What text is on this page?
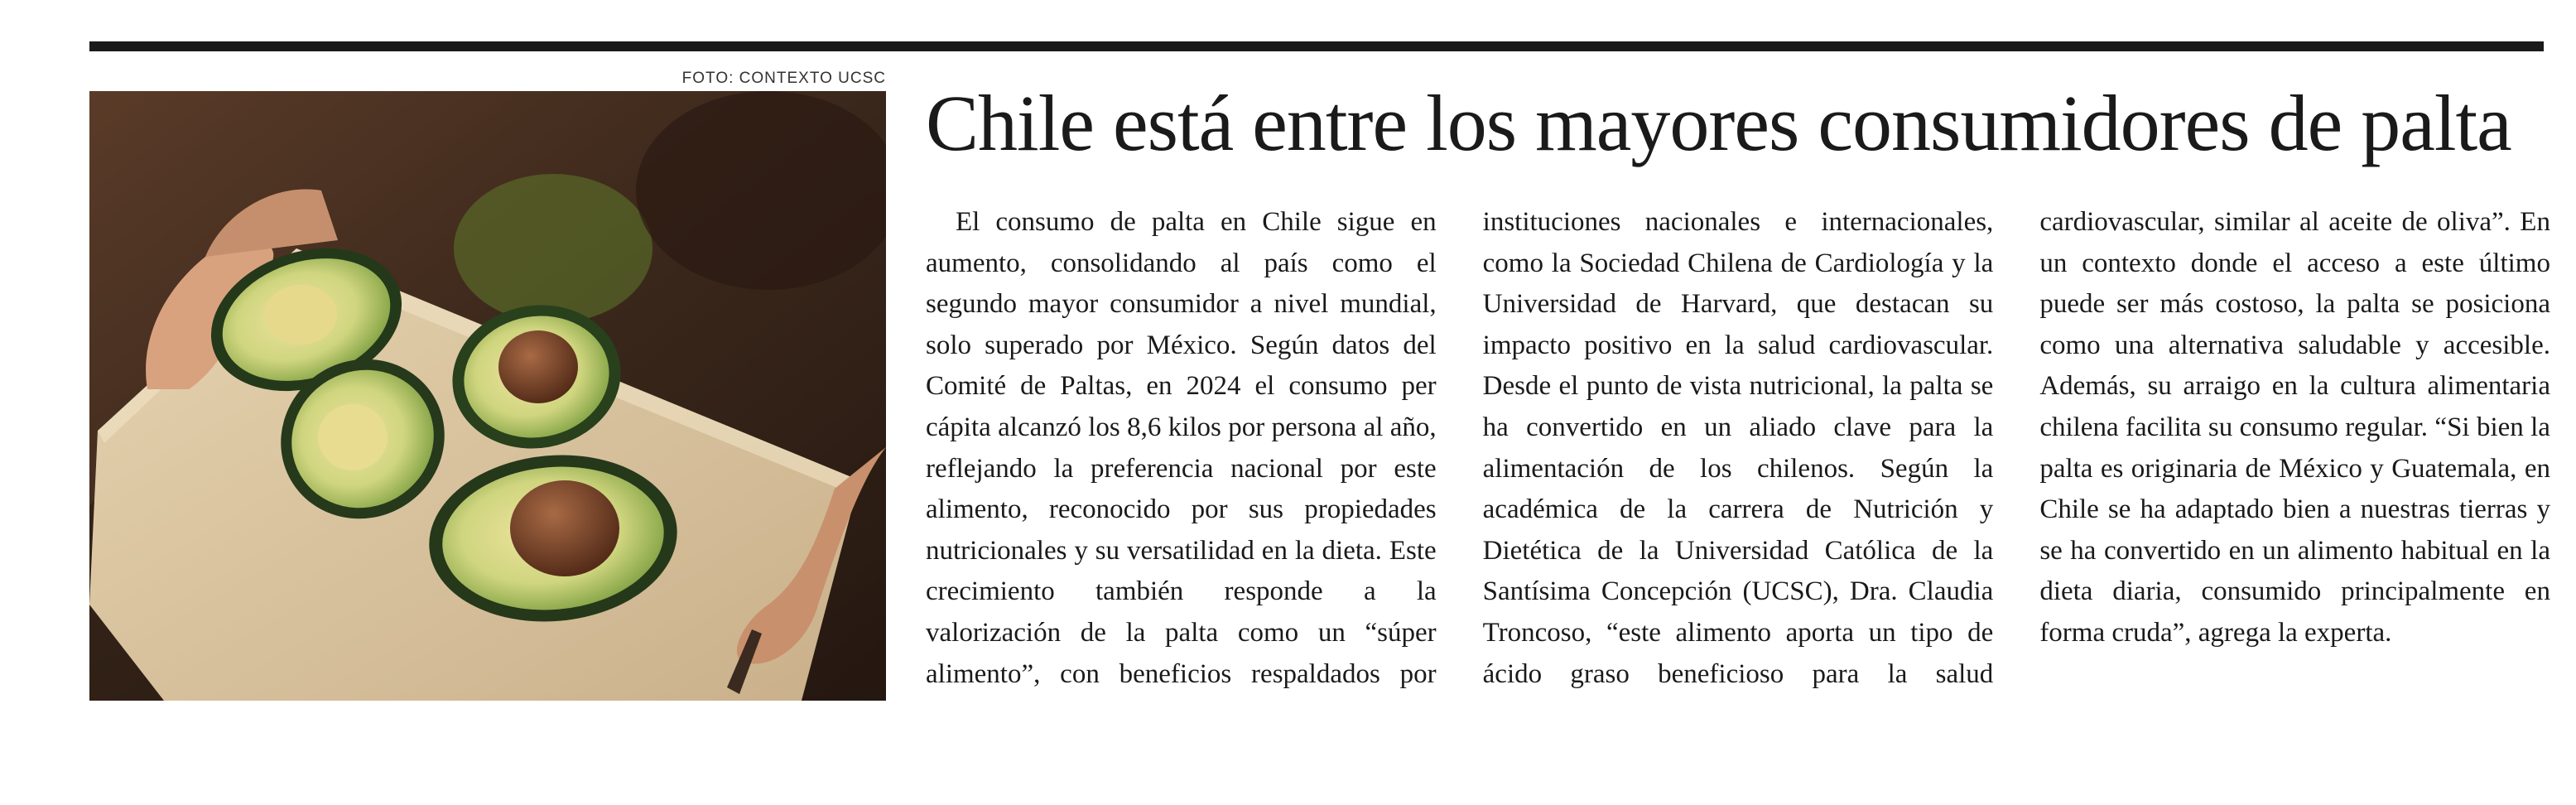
FOTO: CONTEXTO UCSC
Chile está entre los mayores consumidores de palta

El consumo de palta en Chile sigue en aumento, consolidando al país como el segundo mayor consumidor a nivel mundial, solo superado por México. Según datos del Comité de Paltas, en 2024 el consumo per cápita alcanzó los 8,6 kilos por persona al año, reflejando la preferencia nacional por este alimento, reconocido por sus propiedades nutricionales y su versatilidad en la dieta. Este crecimiento también responde a la valorización de la palta como un “súper alimento”, con beneficios respaldados por instituciones nacionales e internacionales, como la Sociedad Chilena de Cardiología y la Universidad de Harvard, que destacan su impacto positivo en la salud cardiovascular. Desde el punto de vista nutricional, la palta se ha convertido en un aliado clave para la alimentación de los chilenos. Según la académica de la carrera de Nutrición y Dietética de la Universidad Católica de la Santísima Concepción (UCSC), Dra. Claudia Troncoso, “este alimento aporta un tipo de ácido graso beneficioso para la salud cardiovascular, similar al aceite de oliva”. En un contexto donde el acceso a este último puede ser más costoso, la palta se posiciona como una alternativa saludable y accesible. Además, su arraigo en la cultura alimentaria chilena facilita su consumo regular. “Si bien la palta es originaria de México y Guatemala, en Chile se ha adaptado bien a nuestras tierras y se ha convertido en un alimento habitual en la dieta diaria, consumido principalmente en forma cruda”, agrega la experta.
